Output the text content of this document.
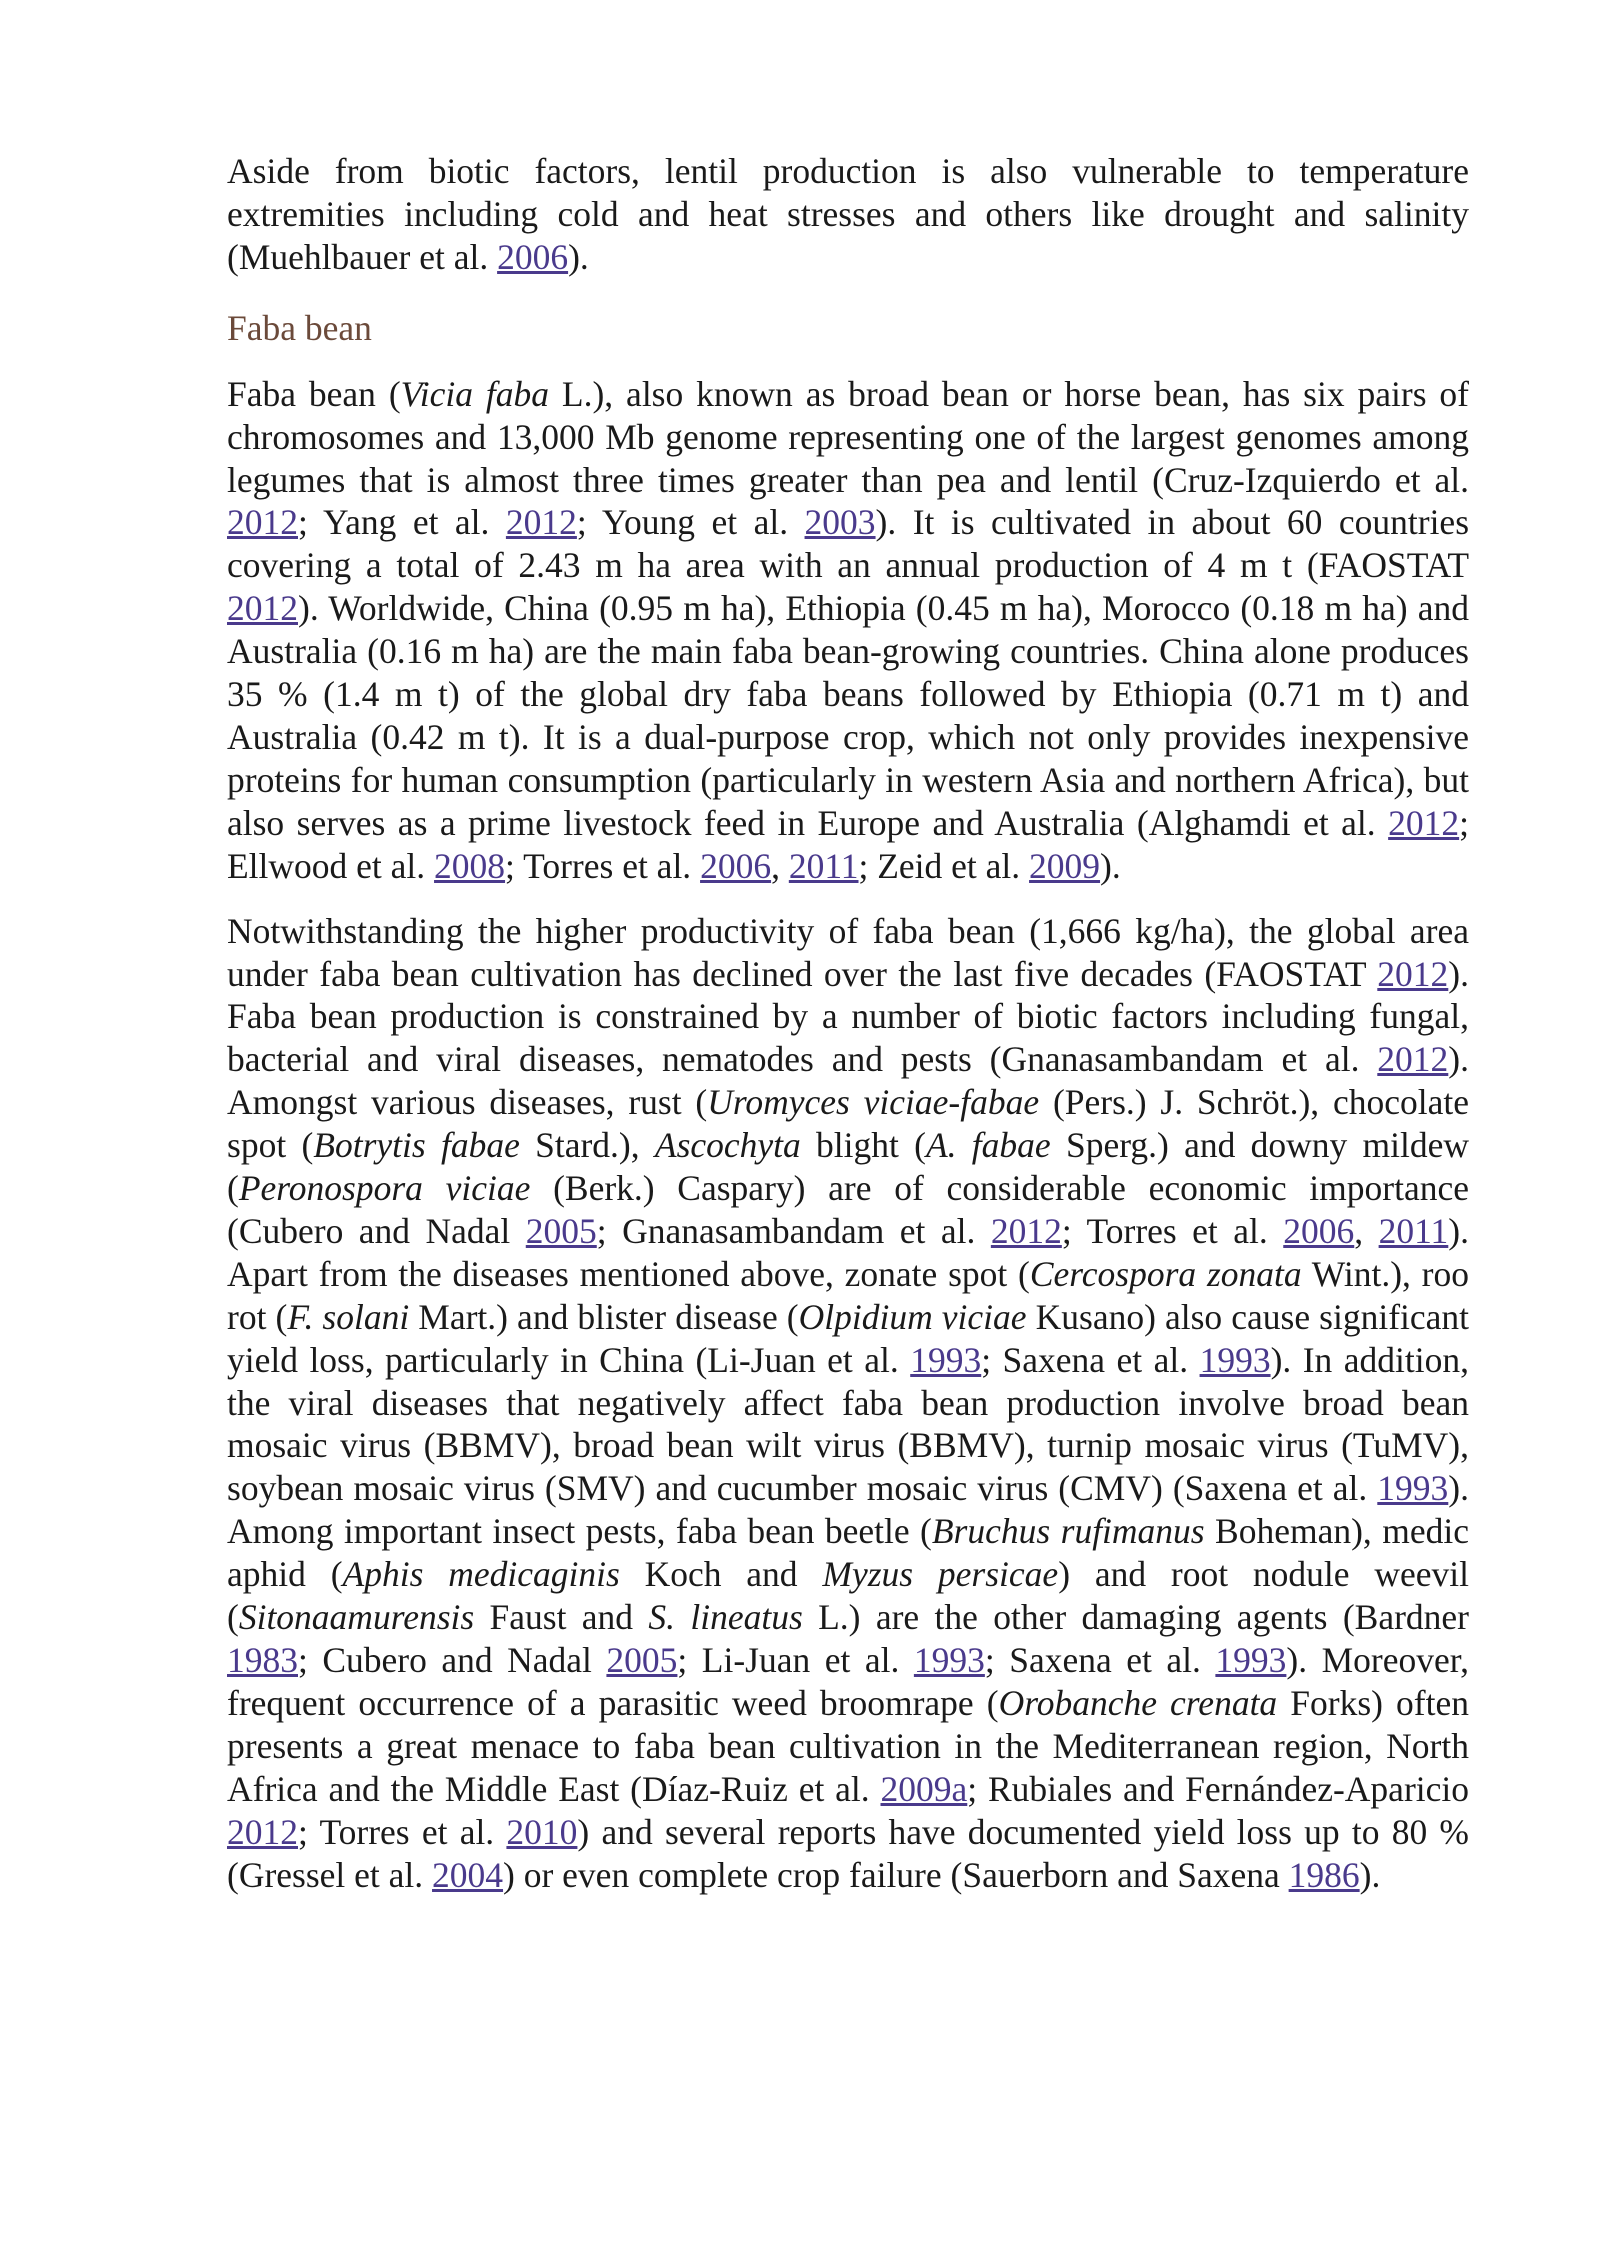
Aside from biotic factors, lentil production is also vulnerable to temperature extremities including cold and heat stresses and others like drought and salinity (Muehlbauer et al. 2006).

Faba bean

Faba bean (Vicia faba L.), also known as broad bean or horse bean, has six pairs of chromosomes and 13,000 Mb genome representing one of the largest genomes among legumes that is almost three times greater than pea and lentil (Cruz-Izquierdo et al. 2012; Yang et al. 2012; Young et al. 2003). It is cultivated in about 60 countries covering a total of 2.43 m ha area with an annual production of 4 m t (FAOSTAT 2012). Worldwide, China (0.95 m ha), Ethiopia (0.45 m ha), Morocco (0.18 m ha) and Australia (0.16 m ha) are the main faba bean-growing countries. China alone produces 35 % (1.4 m t) of the global dry faba beans followed by Ethiopia (0.71 m t) and Australia (0.42 m t). It is a dual-purpose crop, which not only provides inexpensive proteins for human consumption (particularly in western Asia and northern Africa), but also serves as a prime livestock feed in Europe and Australia (Alghamdi et al. 2012; Ellwood et al. 2008; Torres et al. 2006, 2011; Zeid et al. 2009).

Notwithstanding the higher productivity of faba bean (1,666 kg/ha), the global area under faba bean cultivation has declined over the last five decades (FAOSTAT 2012). Faba bean production is constrained by a number of biotic factors including fungal, bacterial and viral diseases, nematodes and pests (Gnanasambandam et al. 2012). Amongst various diseases, rust (Uromyces viciae-fabae (Pers.) J. Schröt.), chocolate spot (Botrytis fabae Stard.), Ascochyta blight (A. fabae Sperg.) and downy mildew (Peronospora viciae (Berk.) Caspary) are of considerable economic importance (Cubero and Nadal 2005; Gnanasambandam et al. 2012; Torres et al. 2006, 2011). Apart from the diseases mentioned above, zonate spot (Cercospora zonata Wint.), roo rot (F. solani Mart.) and blister disease (Olpidium viciae Kusano) also cause significant yield loss, particularly in China (Li-Juan et al. 1993; Saxena et al. 1993). In addition, the viral diseases that negatively affect faba bean production involve broad bean mosaic virus (BBMV), broad bean wilt virus (BBMV), turnip mosaic virus (TuMV), soybean mosaic virus (SMV) and cucumber mosaic virus (CMV) (Saxena et al. 1993). Among important insect pests, faba bean beetle (Bruchus rufimanus Boheman), medic aphid (Aphis medicaginis Koch and Myzus persicae) and root nodule weevil (Sitonaamurensis Faust and S. lineatus L.) are the other damaging agents (Bardner 1983; Cubero and Nadal 2005; Li-Juan et al. 1993; Saxena et al. 1993). Moreover, frequent occurrence of a parasitic weed broomrape (Orobanche crenata Forks) often presents a great menace to faba bean cultivation in the Mediterranean region, North Africa and the Middle East (Díaz-Ruiz et al. 2009a; Rubiales and Fernández-Aparicio 2012; Torres et al. 2010) and several reports have documented yield loss up to 80 % (Gressel et al. 2004) or even complete crop failure (Sauerborn and Saxena 1986).
